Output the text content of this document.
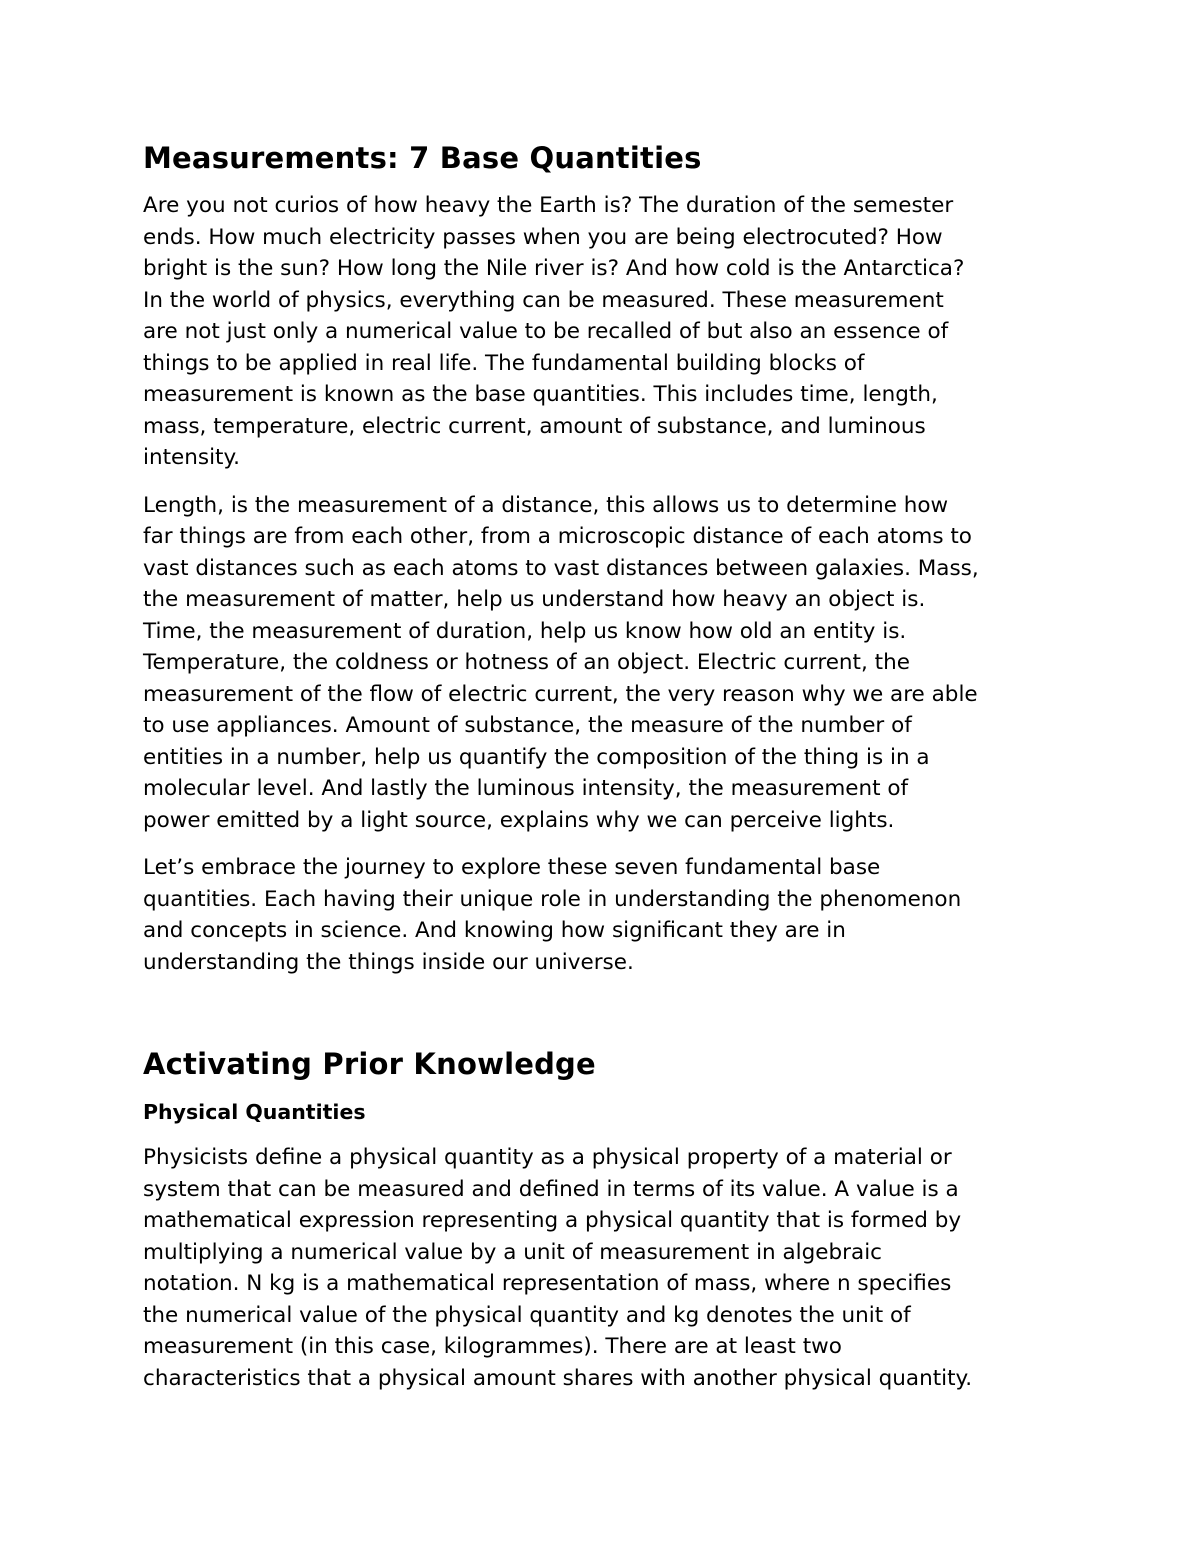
Measurements: 7 Base Quantities

Are you not curios of how heavy the Earth is? The duration of the semester
ends. How much electricity passes when you are being electrocuted? How
bright is the sun? How long the Nile river is? And how cold is the Antarctica?
In the world of physics, everything can be measured. These measurement
are not just only a numerical value to be recalled of but also an essence of
things to be applied in real life. The fundamental building blocks of
measurement is known as the base quantities. This includes time, length,
mass, temperature, electric current, amount of substance, and luminous
intensity.

Length, is the measurement of a distance, this allows us to determine how
far things are from each other, from a microscopic distance of each atoms to
vast distances such as each atoms to vast distances between galaxies. Mass,
the measurement of matter, help us understand how heavy an object is.
Time, the measurement of duration, help us know how old an entity is.
Temperature, the coldness or hotness of an object. Electric current, the
measurement of the flow of electric current, the very reason why we are able
to use appliances. Amount of substance, the measure of the number of
entities in a number, help us quantify the composition of the thing is in a
molecular level. And lastly the luminous intensity, the measurement of
power emitted by a light source, explains why we can perceive lights.

Let’s embrace the journey to explore these seven fundamental base
quantities. Each having their unique role in understanding the phenomenon
and concepts in science. And knowing how significant they are in
understanding the things inside our universe.

Activating Prior Knowledge
Physical Quantities

Physicists define a physical quantity as a physical property of a material or
system that can be measured and defined in terms of its value. A value is a
mathematical expression representing a physical quantity that is formed by
multiplying a numerical value by a unit of measurement in algebraic
notation. N kg is a mathematical representation of mass, where n specifies
the numerical value of the physical quantity and kg denotes the unit of
measurement (in this case, kilogrammes). There are at least two
characteristics that a physical amount shares with another physical quantity.
